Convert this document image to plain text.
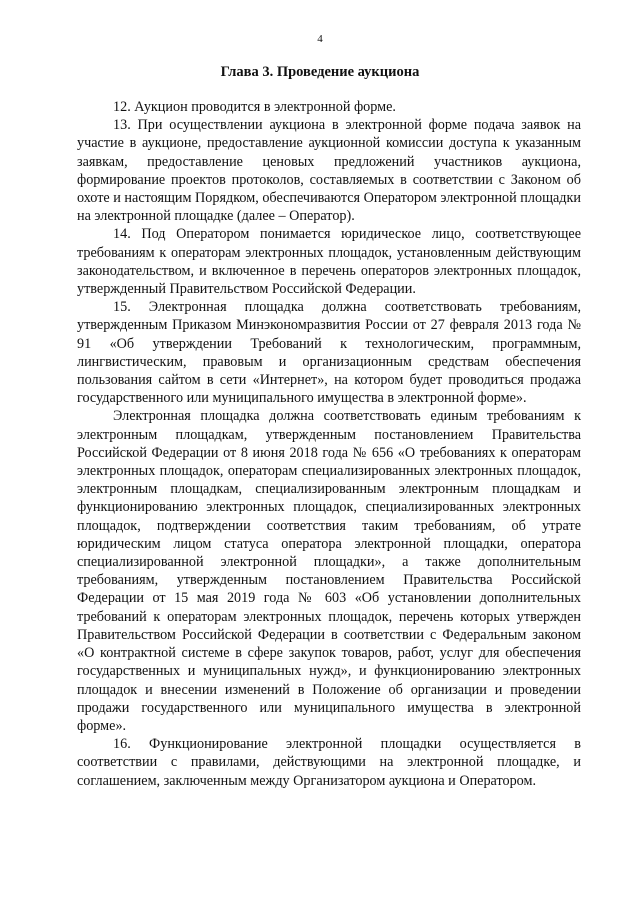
4
Глава 3. Проведение аукциона

12. Аукцион проводится в электронной форме.

13. При осуществлении аукциона в электронной форме подача заявок на участие в аукционе, предоставление аукционной комиссии доступа к указанным заявкам, предоставление ценовых предложений участников аукциона, формирование проектов протоколов, составляемых в соответствии с Законом об охоте и настоящим Порядком, обеспечиваются Оператором электронной площадки на электронной площадке (далее – Оператор).

14. Под Оператором понимается юридическое лицо, соответствующее требованиям к операторам электронных площадок, установленным действующим законодательством, и включенное в перечень операторов электронных площадок, утвержденный Правительством Российской Федерации.

15. Электронная площадка должна соответствовать требованиям, утвержденным Приказом Минэкономразвития России от 27 февраля 2013 года № 91 «Об утверждении Требований к технологическим, программным, лингвистическим, правовым и организационным средствам обеспечения пользования сайтом в сети «Интернет», на котором будет проводиться продажа государственного или муниципального имущества в электронной форме».

Электронная площадка должна соответствовать единым требованиям к электронным площадкам, утвержденным постановлением Правительства Российской Федерации от 8 июня 2018 года № 656 «О требованиях к операторам электронных площадок, операторам специализированных электронных площадок, электронным площадкам, специализированным электронным площадкам и функционированию электронных площадок, специализированных электронных площадок, подтверждении соответствия таким требованиям, об утрате юридическим лицом статуса оператора электронной площадки, оператора специализированной электронной площадки», а также дополнительным требованиям, утвержденным постановлением Правительства Российской Федерации от 15 мая 2019 года № 603 «Об установлении дополнительных требований к операторам электронных площадок, перечень которых утвержден Правительством Российской Федерации в соответствии с Федеральным законом «О контрактной системе в сфере закупок товаров, работ, услуг для обеспечения государственных и муниципальных нужд», и функционированию электронных площадок и внесении изменений в Положение об организации и проведении продажи государственного или муниципального имущества в электронной форме».

16. Функционирование электронной площадки осуществляется в соответствии с правилами, действующими на электронной площадке, и соглашением, заключенным между Организатором аукциона и Оператором.
